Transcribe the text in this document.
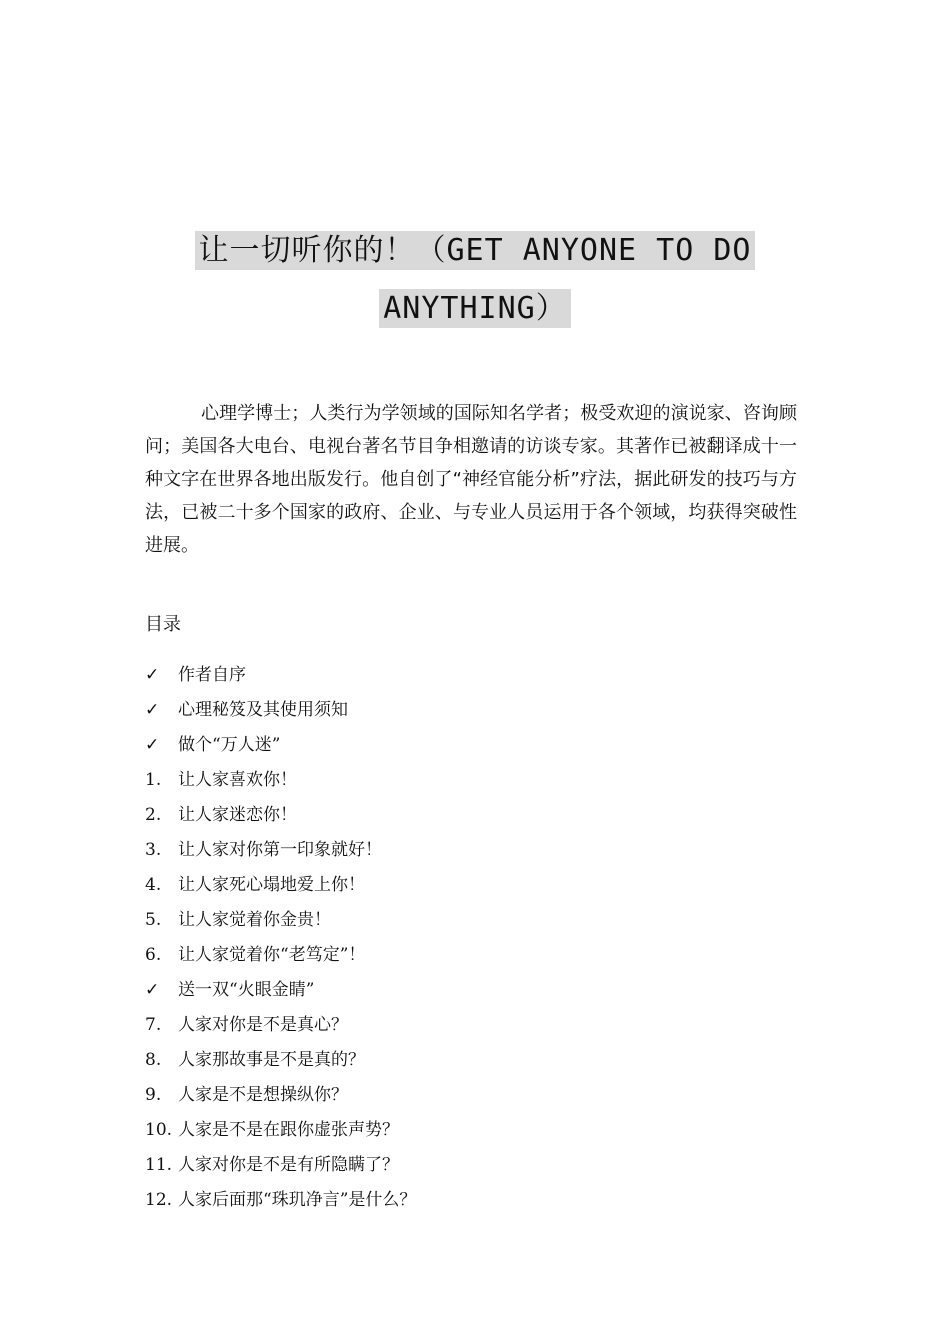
让一切听你的！（GET ANYONE TO DO
ANYTHING）

心理学博士；人类行为学领域的国际知名学者；极受欢迎的演说家、咨询顾问；美国各大电台、电视台著名节目争相邀请的访谈专家。其著作已被翻译成十一种文字在世界各地出版发行。他自创了“神经官能分析”疗法，据此研发的技巧与方法，已被二十多个国家的政府、企业、与专业人员运用于各个领域，均获得突破性进展。

目录

✓ 作者自序
✓ 心理秘笈及其使用须知
✓ 做个“万人迷”
1. 让人家喜欢你！
2. 让人家迷恋你！
3. 让人家对你第一印象就好！
4. 让人家死心塌地爱上你！
5. 让人家觉着你金贵！
6. 让人家觉着你“老笃定”！
✓ 送一双“火眼金睛”
7. 人家对你是不是真心？
8. 人家那故事是不是真的？
9. 人家是不是想操纵你？
10. 人家是不是在跟你虚张声势？
11. 人家对你是不是有所隐瞒了？
12. 人家后面那“珠玑净言”是什么？
